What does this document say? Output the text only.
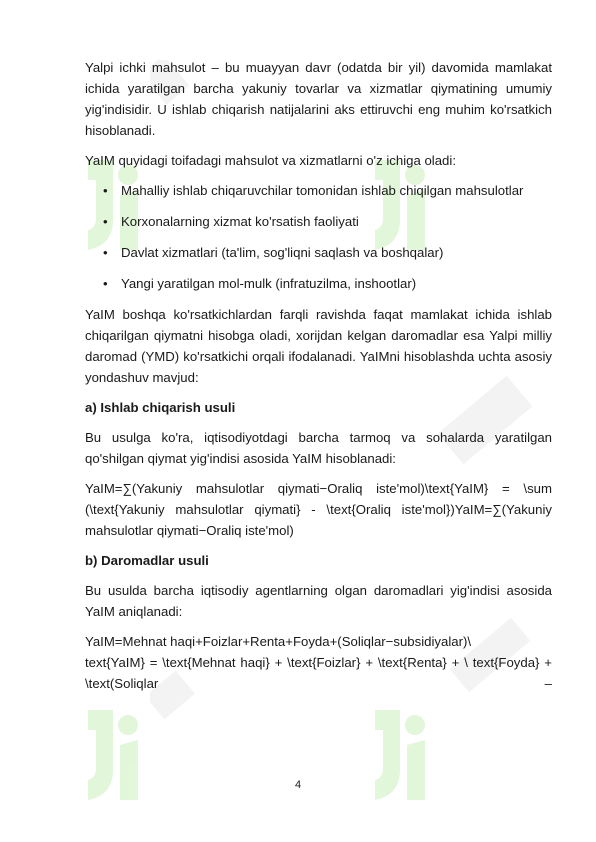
Yalpi ichki mahsulot – bu muayyan davr (odatda bir yil) davomida mamlakat ichida yaratilgan barcha yakuniy tovarlar va xizmatlar qiymatining umumiy yig'indisidir. U ishlab chiqarish natijalarini aks ettiruvchi eng muhim ko'rsatkich hisoblanadi.

YaIM quyidagi toifadagi mahsulot va xizmatlarni o'z ichiga oladi:

• Mahalliy ishlab chiqaruvchilar tomonidan ishlab chiqilgan mahsulotlar
• Korxonalarning xizmat ko'rsatish faoliyati
• Davlat xizmatlari (ta'lim, sog'liqni saqlash va boshqalar)
• Yangi yaratilgan mol-mulk (infratuzilma, inshootlar)

YaIM boshqa ko'rsatkichlardan farqli ravishda faqat mamlakat ichida ishlab chiqarilgan qiymatni hisobga oladi, xorijdan kelgan daromadlar esa Yalpi milliy daromad (YMD) ko'rsatkichi orqali ifodalanadi. YaIMni hisoblashda uchta asosiy yondashuv mavjud:

a) Ishlab chiqarish usuli

Bu usulga ko'ra, iqtisodiyotdagi barcha tarmoq va sohalarda yaratilgan qo'shilgan qiymat yig'indisi asosida YaIM hisoblanadi:

YaIM=∑(Yakuniy mahsulotlar qiymati−Oraliq iste'mol)\text{YaIM} = \sum (\text{Yakuniy mahsulotlar qiymati} - \text{Oraliq iste'mol})YaIM=∑(Yakuniy mahsulotlar qiymati−Oraliq iste'mol)

b) Daromadlar usuli

Bu usulda barcha iqtisodiy agentlarning olgan daromadlari yig'indisi asosida YaIM aniqlanadi:

YaIM=Mehnat haqi+Foizlar+Renta+Foyda+(Soliqlar−subsidiyalar)\

text{YaIM} = \text{Mehnat haqi} + \text{Foizlar} + \text{Renta} + \ text{Foyda} + \text(Soliqlar –

4
